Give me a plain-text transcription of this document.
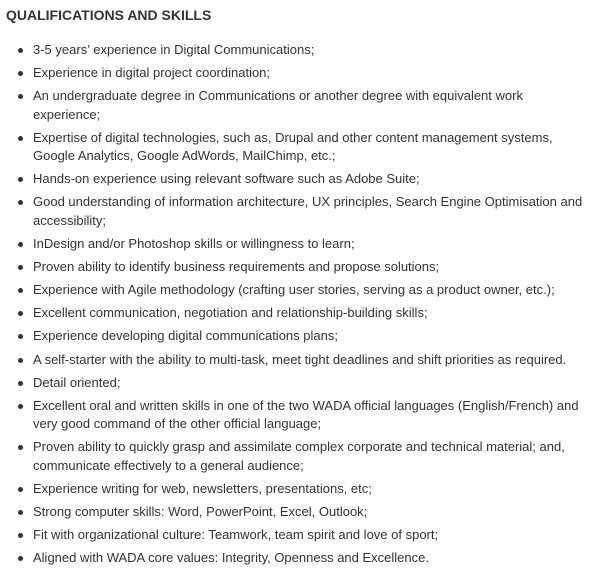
QUALIFICATIONS AND SKILLS
3-5 years’ experience in Digital Communications;
Experience in digital project coordination;
An undergraduate degree in Communications or another degree with equivalent work experience;
Expertise of digital technologies, such as, Drupal and other content management systems, Google Analytics, Google AdWords, MailChimp, etc.;
Hands-on experience using relevant software such as Adobe Suite;
Good understanding of information architecture, UX principles, Search Engine Optimisation and accessibility;
InDesign and/or Photoshop skills or willingness to learn;
Proven ability to identify business requirements and propose solutions;
Experience with Agile methodology (crafting user stories, serving as a product owner, etc.);
Excellent communication, negotiation and relationship-building skills;
Experience developing digital communications plans;
A self-starter with the ability to multi-task, meet tight deadlines and shift priorities as required.
Detail oriented;
Excellent oral and written skills in one of the two WADA official languages (English/French) and very good command of the other official language;
Proven ability to quickly grasp and assimilate complex corporate and technical material; and, communicate effectively to a general audience;
Experience writing for web, newsletters, presentations, etc;
Strong computer skills: Word, PowerPoint, Excel, Outlook;
Fit with organizational culture: Teamwork, team spirit and love of sport;
Aligned with WADA core values: Integrity, Openness and Excellence.
